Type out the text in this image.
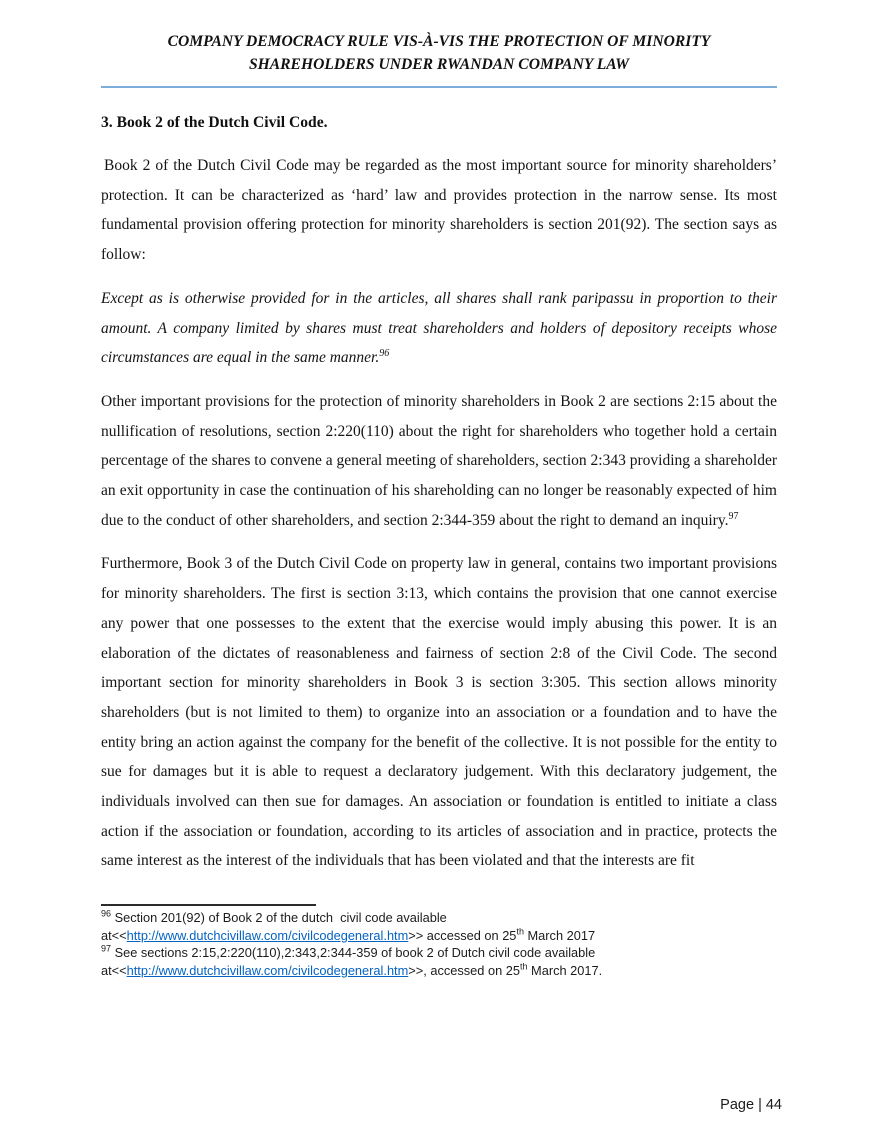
COMPANY DEMOCRACY RULE VIS-À-VIS THE PROTECTION OF MINORITY
SHAREHOLDERS UNDER RWANDAN COMPANY LAW
3. Book 2 of the Dutch Civil Code.

Book 2 of the Dutch Civil Code may be regarded as the most important source for minority shareholders’ protection. It can be characterized as ‘hard’ law and provides protection in the narrow sense. Its most fundamental provision offering protection for minority shareholders is section 201(92). The section says as follow:

Except as is otherwise provided for in the articles, all shares shall rank paripassu in proportion to their amount. A company limited by shares must treat shareholders and holders of depository receipts whose circumstances are equal in the same manner.$^{96}$

Other important provisions for the protection of minority shareholders in Book 2 are sections 2:15 about the nullification of resolutions, section 2:220(110) about the right for shareholders who together hold a certain percentage of the shares to convene a general meeting of shareholders, section 2:343 providing a shareholder an exit opportunity in case the continuation of his shareholding can no longer be reasonably expected of him due to the conduct of other shareholders, and section 2:344-359 about the right to demand an inquiry.$^{97}$

Furthermore, Book 3 of the Dutch Civil Code on property law in general, contains two important provisions for minority shareholders. The first is section 3:13, which contains the provision that one cannot exercise any power that one possesses to the extent that the exercise would imply abusing this power. It is an elaboration of the dictates of reasonableness and fairness of section 2:8 of the Civil Code. The second important section for minority shareholders in Book 3 is section 3:305. This section allows minority shareholders (but is not limited to them) to organize into an association or a foundation and to have the entity bring an action against the company for the benefit of the collective. It is not possible for the entity to sue for damages but it is able to request a declaratory judgement. With this declaratory judgement, the individuals involved can then sue for damages. An association or foundation is entitled to initiate a class action if the association or foundation, according to its articles of association and in practice, protects the same interest as the interest of the individuals that has been violated and that the interests are fit

$^{96}$ Section 201(92) of Book 2 of the dutch  civil code available
at<<http://www.dutchcivillaw.com/civilcodegeneral.htm>> accessed on 25th March 2017
$^{97}$ See sections 2:15,2:220(110),2:343,2:344-359 of book 2 of Dutch civil code available
at<<http://www.dutchcivillaw.com/civilcodegeneral.htm>>, accessed on 25th March 2017.
Page | 44
